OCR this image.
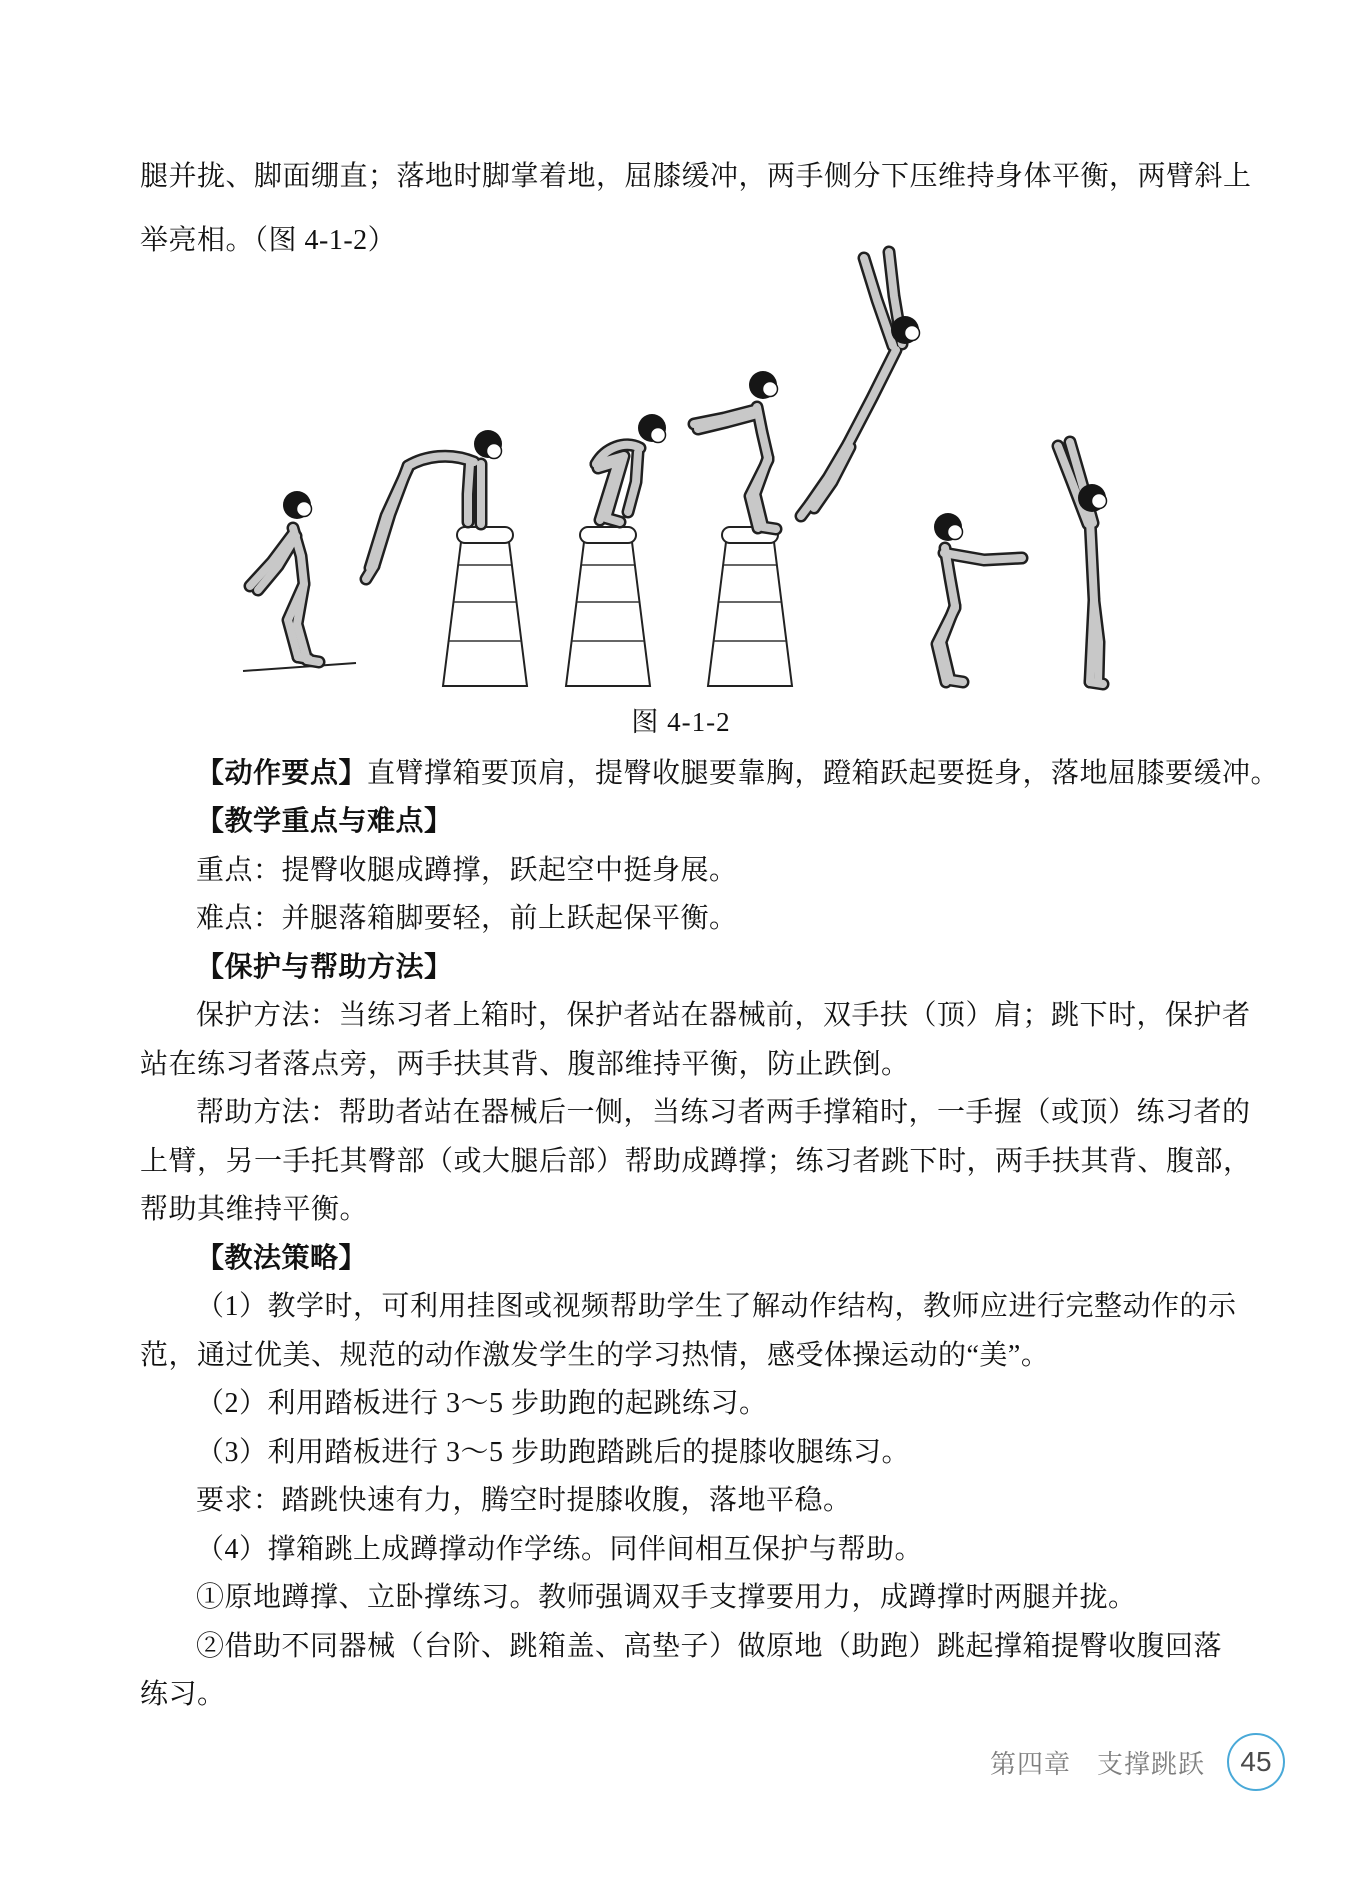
腿并拢、脚面绷直；落地时脚掌着地，屈膝缓冲，两手侧分下压维持身体平衡，两臂斜上
举亮相。（图 4-1-2）
图 4-1-2
【动作要点】直臂撑箱要顶肩，提臀收腿要靠胸，蹬箱跃起要挺身，落地屈膝要缓冲。
【教学重点与难点】
重点：提臀收腿成蹲撑，跃起空中挺身展。
难点：并腿落箱脚要轻，前上跃起保平衡。
【保护与帮助方法】
保护方法：当练习者上箱时，保护者站在器械前，双手扶（顶）肩；跳下时，保护者
站在练习者落点旁，两手扶其背、腹部维持平衡，防止跌倒。
帮助方法：帮助者站在器械后一侧，当练习者两手撑箱时，一手握（或顶）练习者的
上臂，另一手托其臀部（或大腿后部）帮助成蹲撑；练习者跳下时，两手扶其背、腹部，
帮助其维持平衡。
【教法策略】
（1）教学时，可利用挂图或视频帮助学生了解动作结构，教师应进行完整动作的示
范，通过优美、规范的动作激发学生的学习热情，感受体操运动的“美”。
（2）利用踏板进行 3～5 步助跑的起跳练习。
（3）利用踏板进行 3～5 步助跑踏跳后的提膝收腿练习。
要求：踏跳快速有力，腾空时提膝收腹，落地平稳。
（4）撑箱跳上成蹲撑动作学练。同伴间相互保护与帮助。
①原地蹲撑、立卧撑练习。教师强调双手支撑要用力，成蹲撑时两腿并拢。
②借助不同器械（台阶、跳箱盖、高垫子）做原地（助跑）跳起撑箱提臀收腹回落
练习。
第四章 支撑跳跃 45
